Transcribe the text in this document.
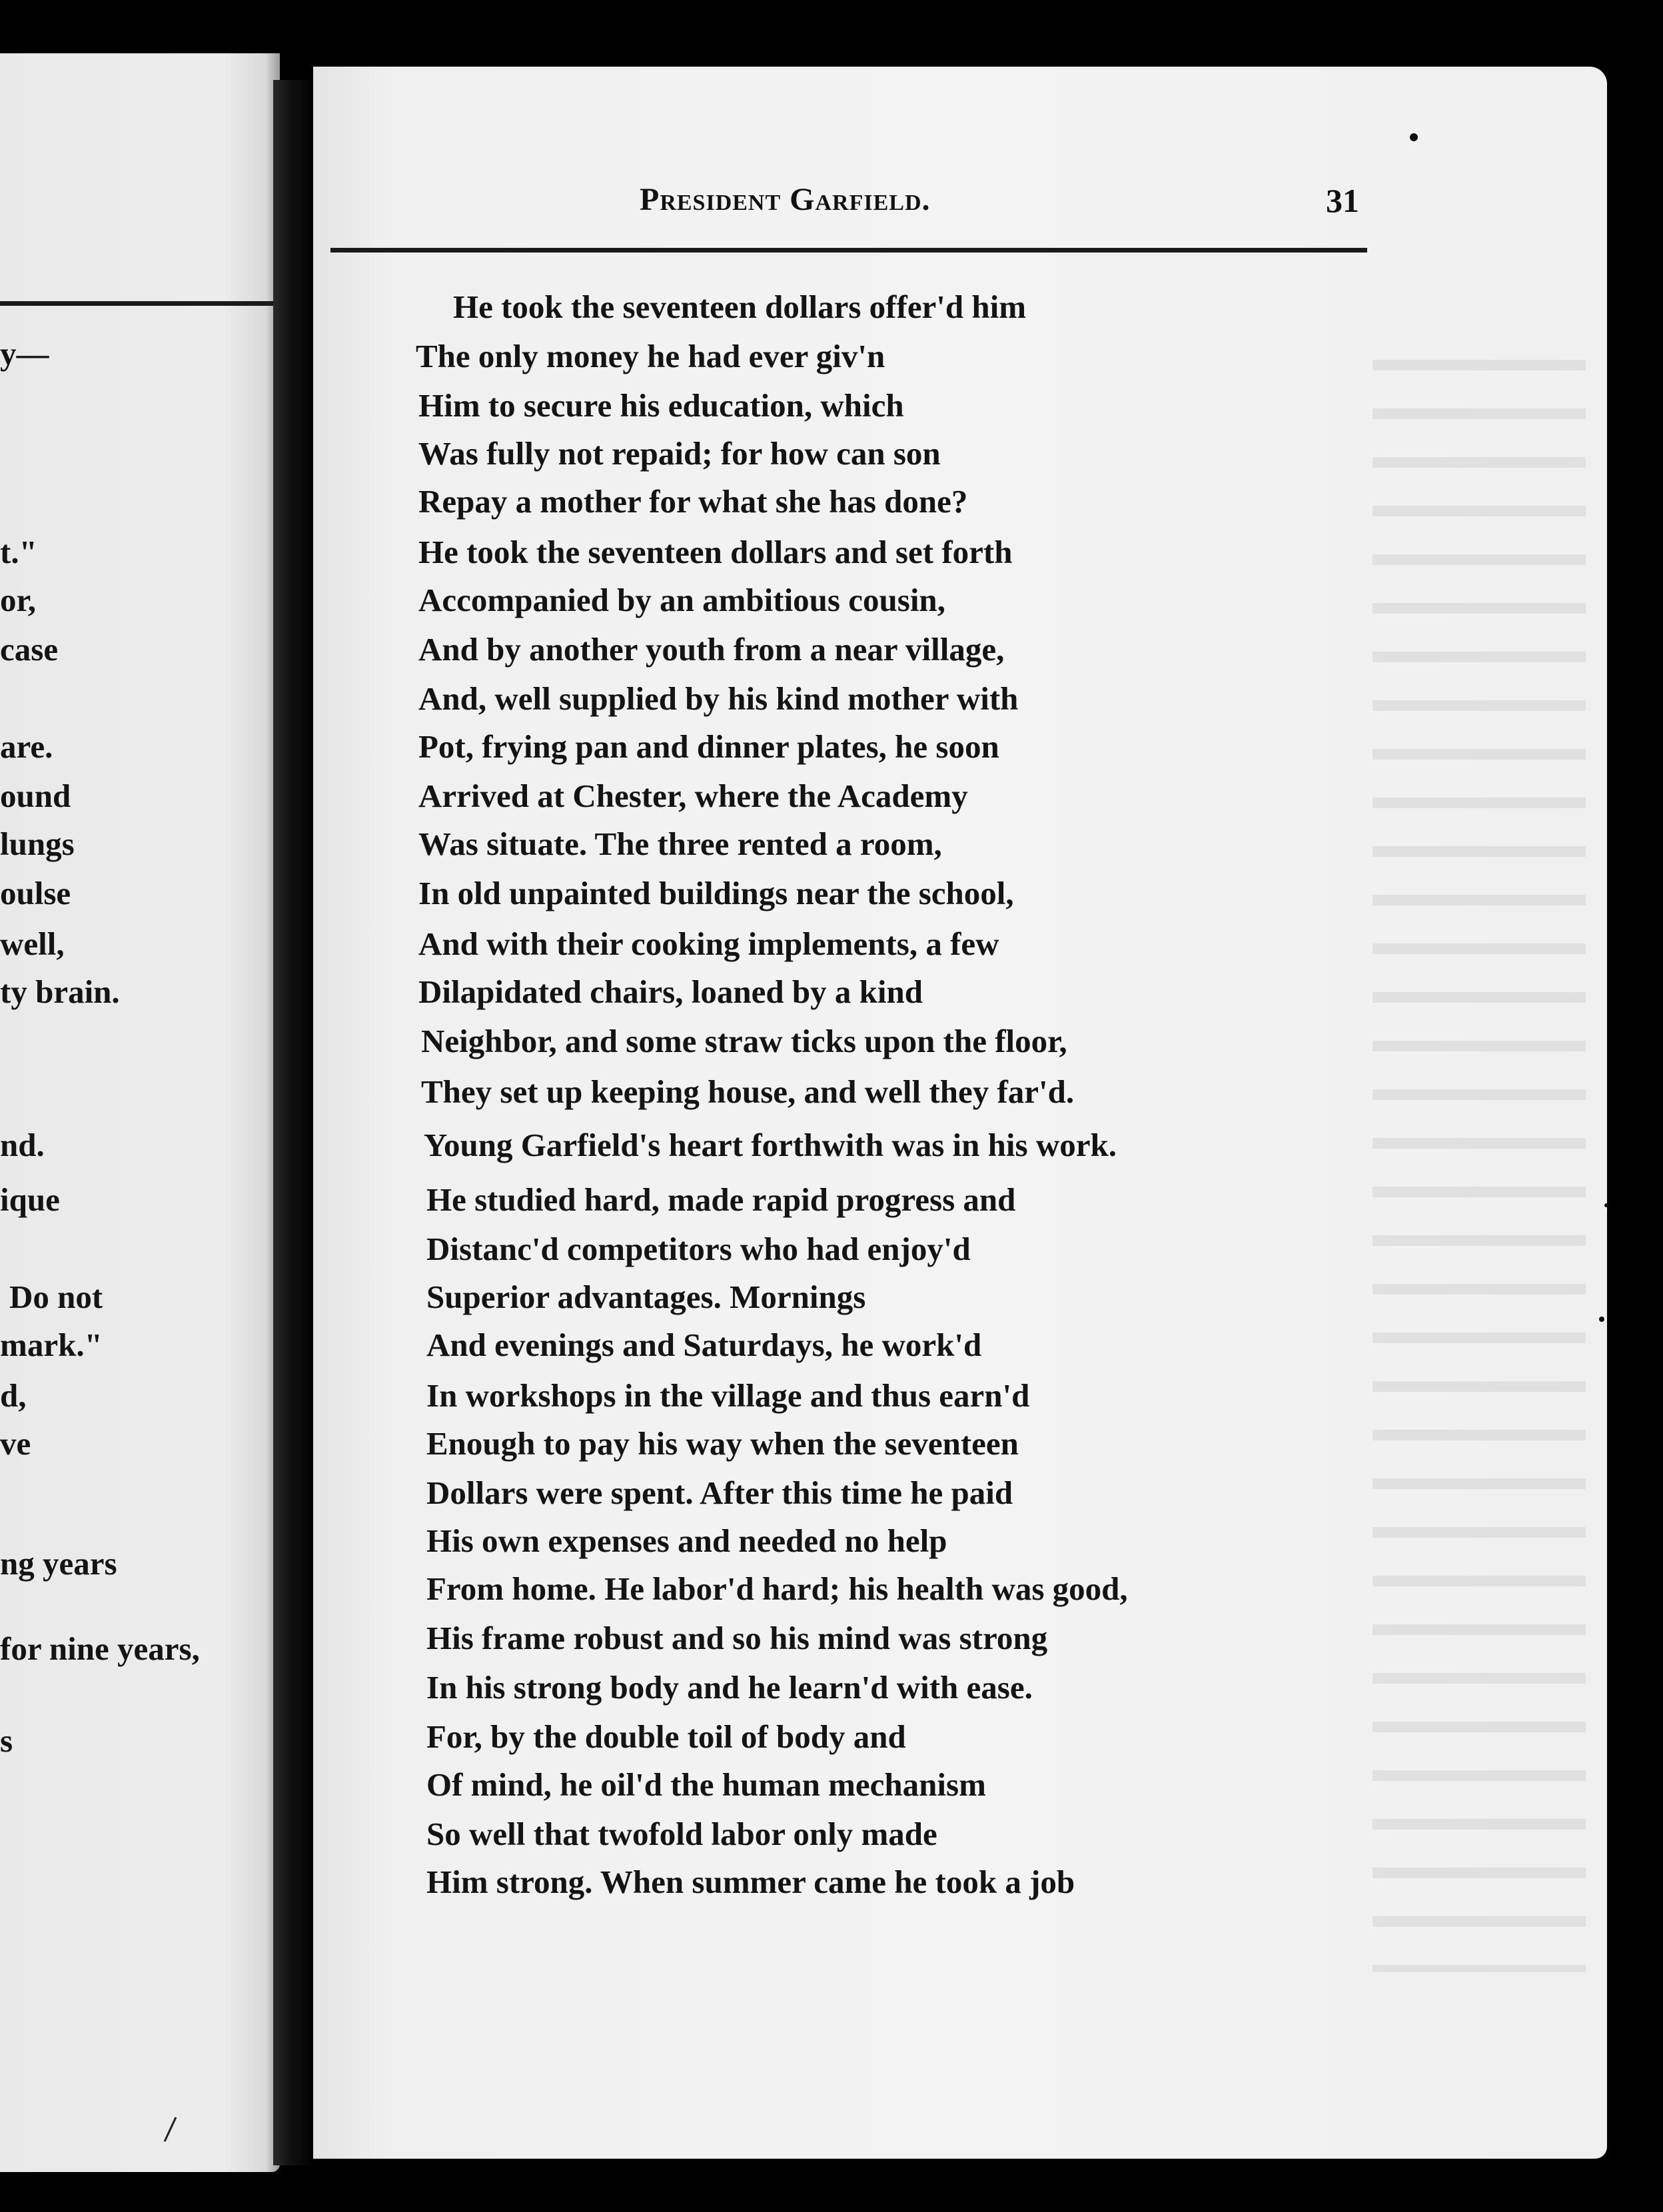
y—

t."

or,

case

are.

ound

lungs

oulse

well,

ty brain.

nd.

ique

Do not

mark."

d,

ve

ng years

for nine years,

s

President Garfield.	31

He took the seventeen dollars offer'd him

The only money he had ever giv'n

Him to secure his education, which

Was fully not repaid; for how can son

Repay a mother for what she has done?

He took the seventeen dollars and set forth

Accompanied by an ambitious cousin,

And by another youth from a near village,

And, well supplied by his kind mother with

Pot, frying pan and dinner plates, he soon

Arrived at Chester, where the Academy

Was situate. The three rented a room,

In old unpainted buildings near the school,

And with their cooking implements, a few

Dilapidated chairs, loaned by a kind

Neighbor, and some straw ticks upon the floor,

They set up keeping house, and well they far'd.

Young Garfield's heart forthwith was in his work.

He studied hard, made rapid progress and

Distanc'd competitors who had enjoy'd

Superior advantages. Mornings

And evenings and Saturdays, he work'd

In workshops in the village and thus earn'd

Enough to pay his way when the seventeen

Dollars were spent. After this time he paid

His own expenses and needed no help

From home. He labor'd hard; his health was good,

His frame robust and so his mind was strong

In his strong body and he learn'd with ease.

For, by the double toil of body and

Of mind, he oil'd the human mechanism

So well that twofold labor only made

Him strong. When summer came he took a job
